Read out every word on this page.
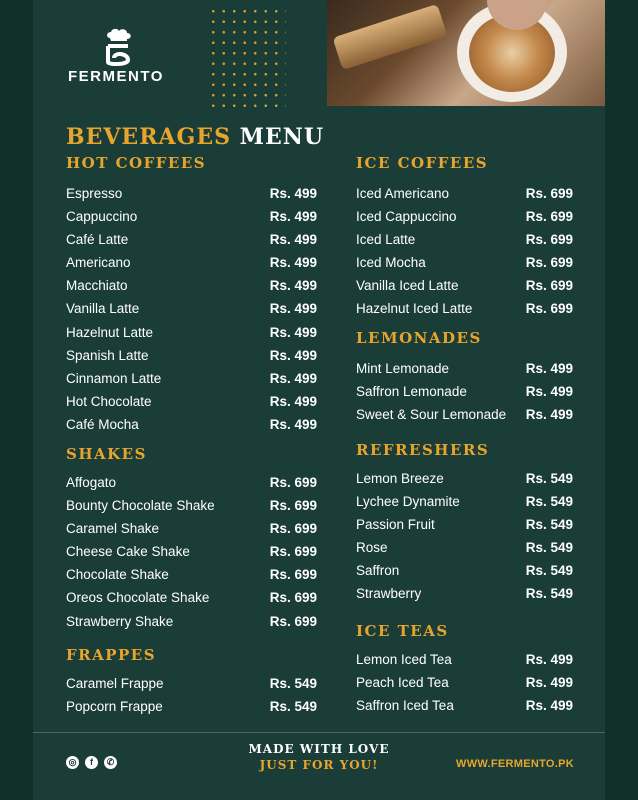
FERMENTO
BEVERAGES MENU
HOT COFFEES
Espresso	Rs. 499
Cappuccino	Rs. 499
Café Latte	Rs. 499
Americano	Rs. 499
Macchiato	Rs. 499
Vanilla Latte	Rs. 499
Hazelnut Latte	Rs. 499
Spanish Latte	Rs. 499
Cinnamon Latte	Rs. 499
Hot Chocolate	Rs. 499
Café Mocha	Rs. 499
SHAKES
Affogato	Rs. 699
Bounty Chocolate Shake	Rs. 699
Caramel Shake	Rs. 699
Cheese Cake Shake	Rs. 699
Chocolate Shake	Rs. 699
Oreos Chocolate Shake	Rs. 699
Strawberry Shake	Rs. 699
FRAPPES
Caramel Frappe	Rs. 549
Popcorn Frappe	Rs. 549
ICE COFFEES
Iced Americano	Rs. 699
Iced Cappuccino	Rs. 699
Iced Latte	Rs. 699
Iced Mocha	Rs. 699
Vanilla Iced Latte	Rs. 699
Hazelnut Iced Latte	Rs. 699
LEMONADES
Mint Lemonade	Rs. 499
Saffron Lemonade	Rs. 499
Sweet & Sour Lemonade Rs. 499
REFRESHERS
Lemon Breeze	Rs. 549
Lychee Dynamite	Rs. 549
Passion Fruit	Rs. 549
Rose	Rs. 549
Saffron	Rs. 549
Strawberry	Rs. 549
ICE TEAS
Lemon Iced Tea	Rs. 499
Peach Iced Tea	Rs. 499
Saffron Iced Tea	Rs. 499
◎	f	✆
MADE WITH LOVE
JUST FOR YOU!	WWW.FERMENTO.PK
